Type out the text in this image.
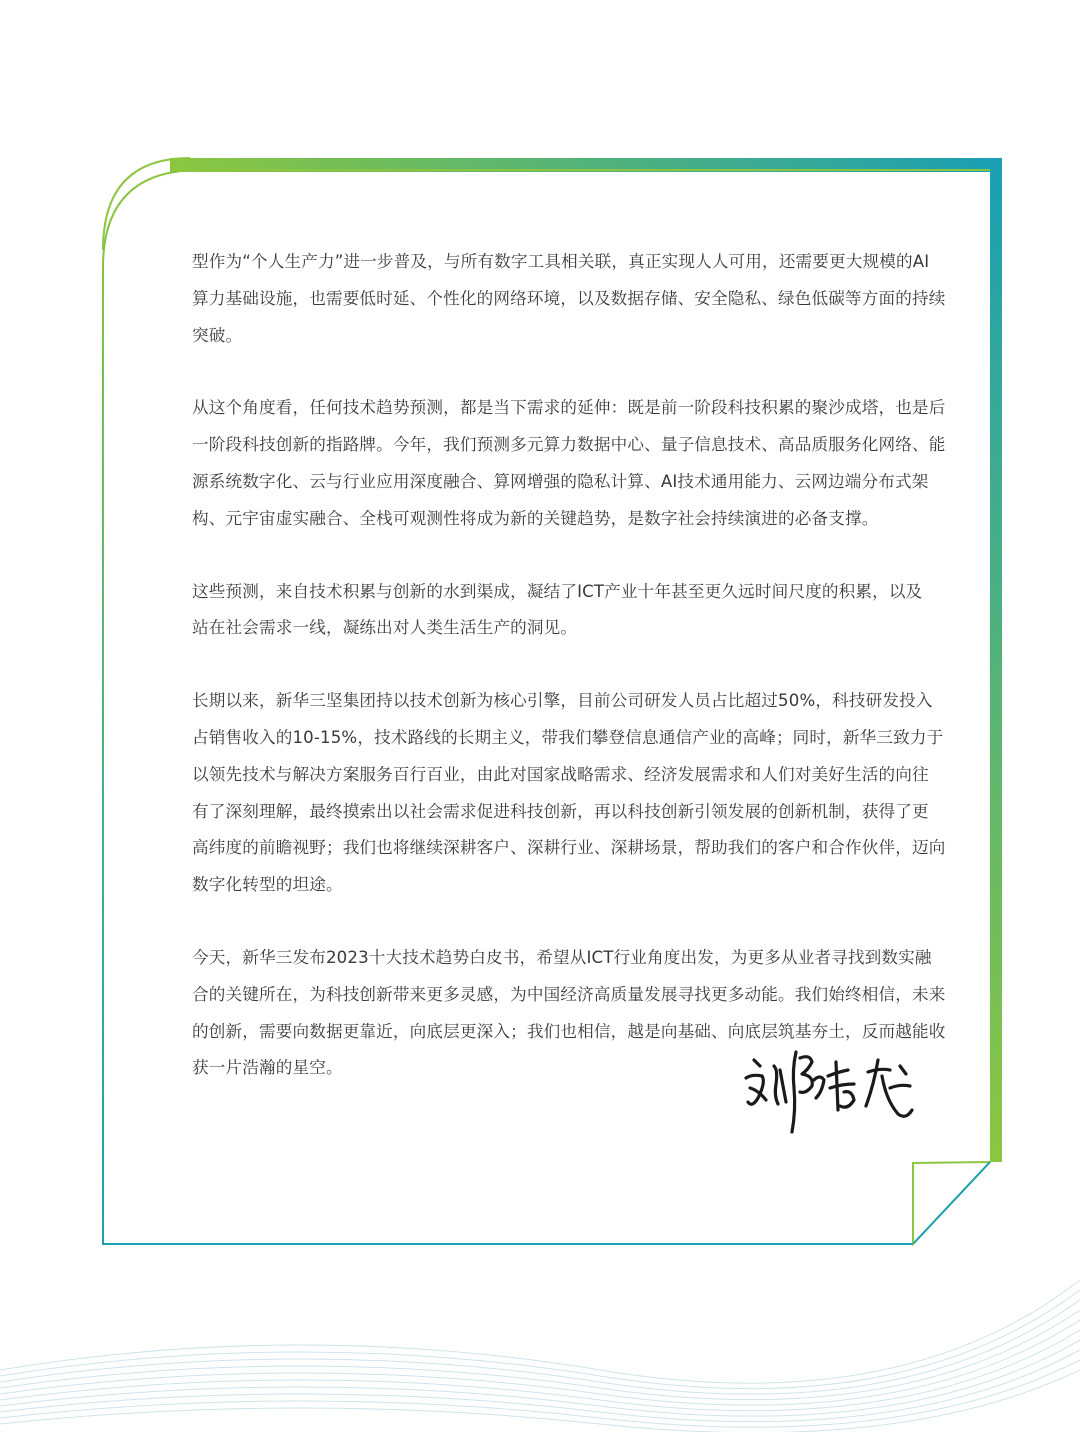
型作为“个人生产力”进一步普及，与所有数字工具相关联，真正实现人人可用，还需要更大规模的AI
算力基础设施，也需要低时延、个性化的网络环境，以及数据存储、安全隐私、绿色低碳等方面的持续
突破。

从这个角度看，任何技术趋势预测，都是当下需求的延伸：既是前一阶段科技积累的聚沙成塔，也是后
一阶段科技创新的指路牌。今年，我们预测多元算力数据中心、量子信息技术、高品质服务化网络、能
源系统数字化、云与行业应用深度融合、算网增强的隐私计算、AI技术通用能力、云网边端分布式架
构、元宇宙虚实融合、全栈可观测性将成为新的关键趋势，是数字社会持续演进的必备支撑。

这些预测，来自技术积累与创新的水到渠成，凝结了ICT产业十年甚至更久远时间尺度的积累，以及
站在社会需求一线，凝练出对人类生活生产的洞见。

长期以来，新华三坚集团持以技术创新为核心引擎，目前公司研发人员占比超过50%，科技研发投入
占销售收入的10-15%，技术路线的长期主义，带我们攀登信息通信产业的高峰；同时，新华三致力于
以领先技术与解决方案服务百行百业，由此对国家战略需求、经济发展需求和人们对美好生活的向往
有了深刻理解，最终摸索出以社会需求促进科技创新，再以科技创新引领发展的创新机制，获得了更
高纬度的前瞻视野；我们也将继续深耕客户、深耕行业、深耕场景，帮助我们的客户和合作伙伴，迈向
数字化转型的坦途。

今天，新华三发布2023十大技术趋势白皮书，希望从ICT行业角度出发，为更多从业者寻找到数实融
合的关键所在，为科技创新带来更多灵感，为中国经济高质量发展寻找更多动能。我们始终相信，未来
的创新，需要向数据更靠近，向底层更深入；我们也相信，越是向基础、向底层筑基夯土，反而越能收
获一片浩瀚的星空。
